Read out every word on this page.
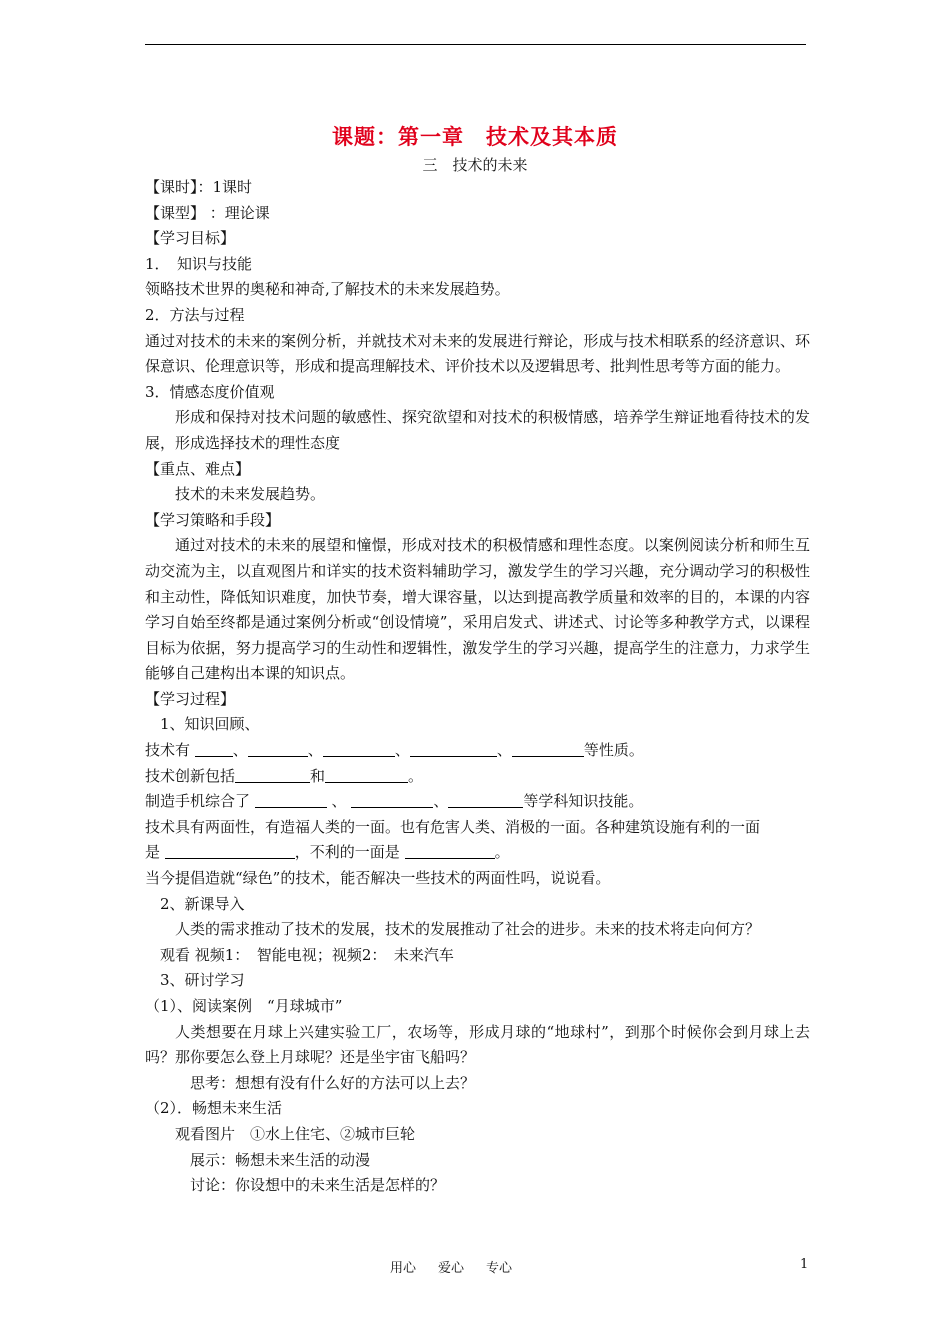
课题：第一章　技术及其本质
三　技术的未来

【课时】：1课时

【课型】 ：理论课

【学习目标】

1．　知识与技能

领略技术世界的奥秘和神奇,了解技术的未来发展趋势。

2．方法与过程

通过对技术的未来的案例分析，并就技术对未来的发展进行辩论，形成与技术相联系的经济意识、环保意识、伦理意识等，形成和提高理解技术、评价技术以及逻辑思考、批判性思考等方面的能力。

3．情感态度价值观

形成和保持对技术问题的敏感性、探究欲望和对技术的积极情感，培养学生辩证地看待技术的发展，形成选择技术的理性态度

【重点、难点】

技术的未来发展趋势。

【学习策略和手段】

通过对技术的未来的展望和憧憬，形成对技术的积极情感和理性态度。以案例阅读分析和师生互动交流为主，以直观图片和详实的技术资料辅助学习，激发学生的学习兴趣，充分调动学习的积极性和主动性，降低知识难度，加快节奏，增大课容量，以达到提高教学质量和效率的目的，本课的内容学习自始至终都是通过案例分析或“创设情境”，采用启发式、讲述式、讨论等多种教学方式，以课程目标为依据，努力提高学习的生动性和逻辑性，激发学生的学习兴趣，提高学生的注意力，力求学生能够自己建构出本课的知识点。

【学习过程】

1、知识回顾、

技术有	、	、	、	、	等性质。

技术创新包括	和	。

制造手机综合了	、	、	等学科知识技能。

技术具有两面性，有造福人类的一面。也有危害人类、消极的一面。各种建筑设施有利的一面

是	，不利的一面是	。

当今提倡造就“绿色”的技术，能否解决一些技术的两面性吗，说说看。

2、新课导入

人类的需求推动了技术的发展，技术的发展推动了社会的进步。未来的技术将走向何方？

观看 视频1：　智能电视；视频2：　未来汽车

3、研讨学习

（1）、阅读案例　“月球城市”

人类想要在月球上兴建实验工厂，农场等，形成月球的“地球村”，到那个时候你会到月球上去吗？那你要怎么登上月球呢？还是坐宇宙飞船吗？

思考：想想有没有什么好的方法可以上去？

（2）．畅想未来生活

观看图片　①水上住宅、②城市巨轮

展示：畅想未来生活的动漫

讨论：你设想中的未来生活是怎样的？

用心 爱心 专心	1
